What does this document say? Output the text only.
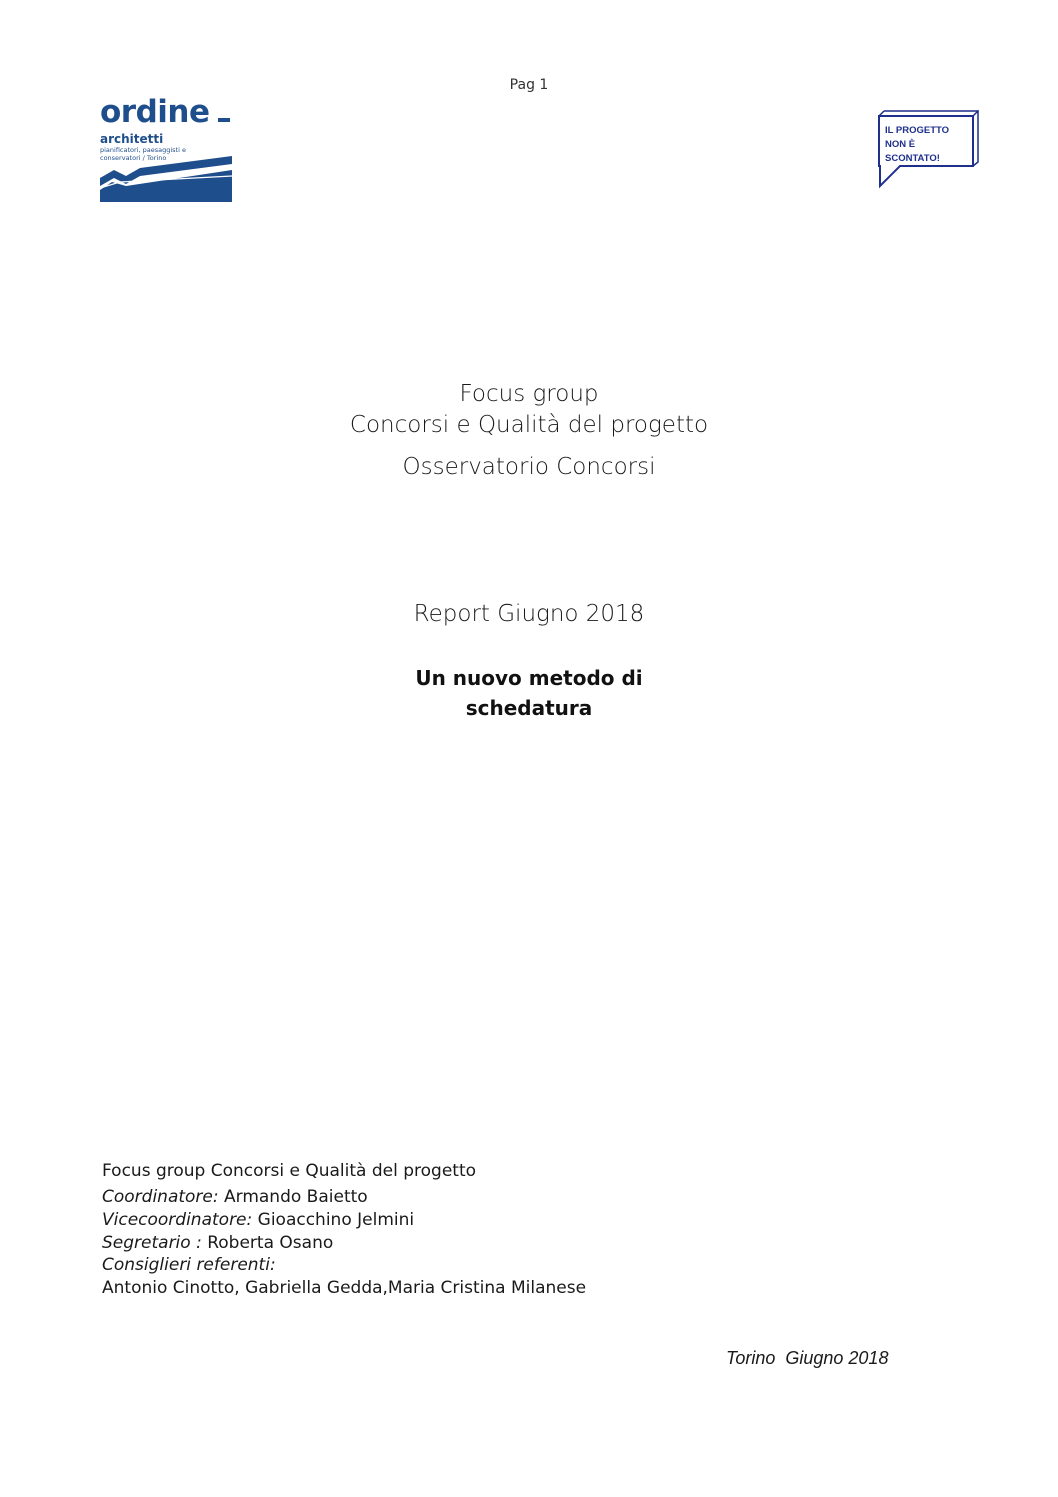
Pag 1
ordine
architetti
pianificatori, paesaggisti e conservatori / Torino
IL PROGETTO
NON È
SCONTATO!
Focus group
Concorsi e Qualità del progetto
Osservatorio Concorsi
Report Giugno 2018
Un nuovo metodo di
schedatura
Focus group Concorsi e Qualità del progetto
Coordinatore: Armando Baietto
Vicecoordinatore: Gioacchino Jelmini
Segretario : Roberta Osano
Consiglieri referenti:
Antonio Cinotto, Gabriella Gedda,Maria Cristina Milanese
Torino  Giugno 2018
